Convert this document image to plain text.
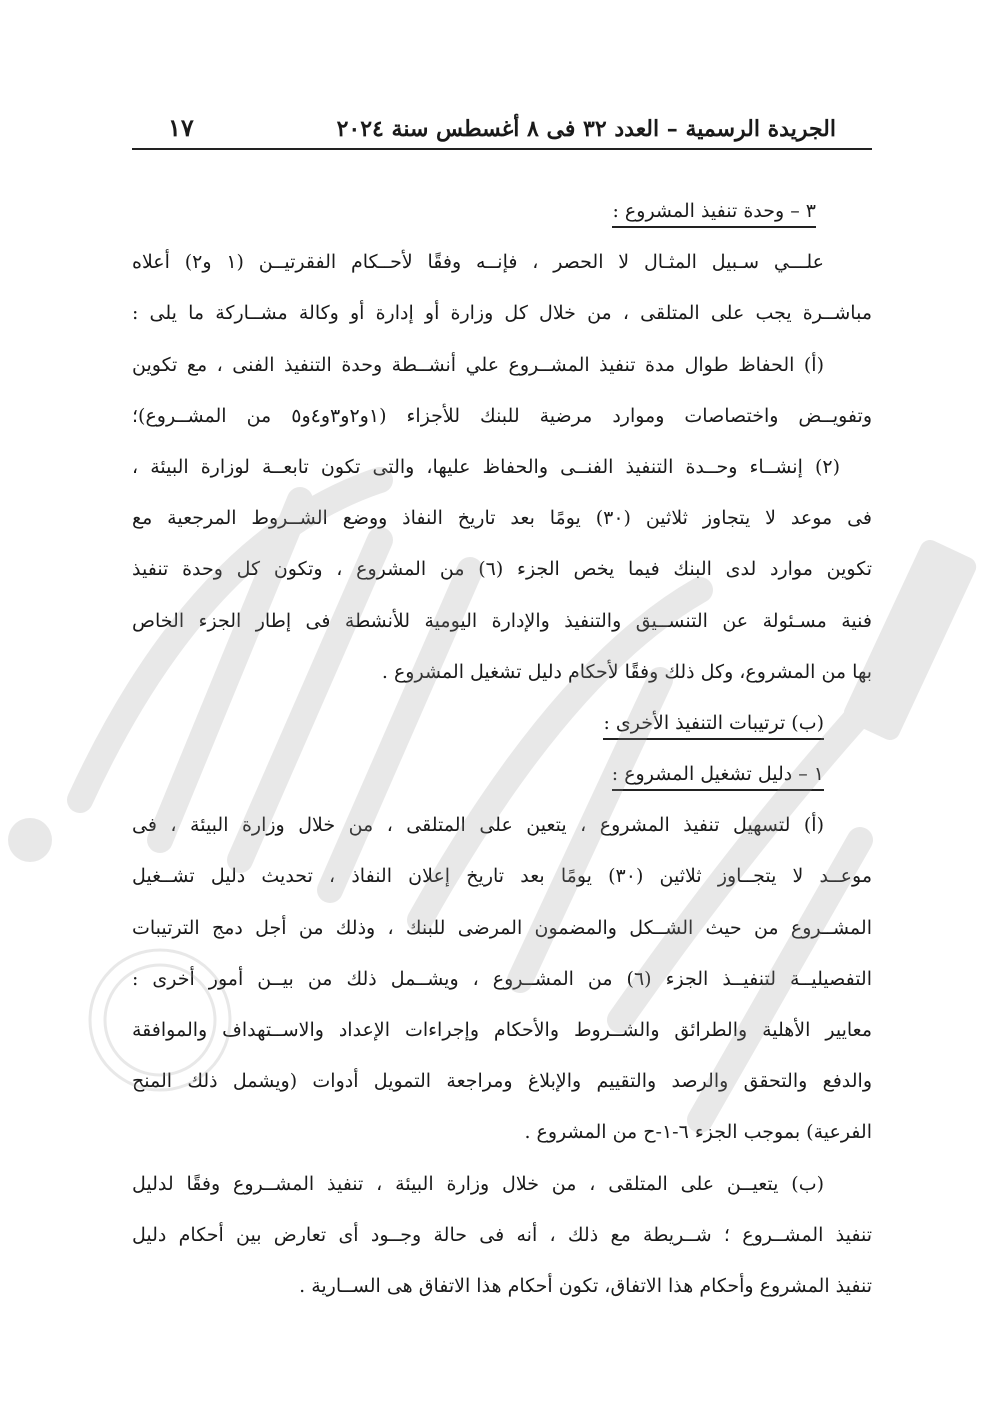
الجريدة الرسمية – العدد ٣٢ فى ٨ أغسطس سنة ٢٠٢٤
١٧
٣ – وحدة تنفيذ المشروع :
علـــي سـبيل المثـال لا الحصر ، فإنــه وفقًا لأحــكام الفقرتيــن (١ و٢) أعلاه
مباشــرة يجب على المتلقى ، من خلال كل وزارة أو إدارة أو وكالة مشــاركة ما يلى :
(أ) الحفاظ طوال مدة تنفيذ المشــروع علي أنشــطة وحدة التنفيذ الفنى ، مع تكوين
وتفويــض واختصاصات وموارد مرضية للبنك للأجزاء (١و٢و٣و٤و٥ من المشــروع)؛
(٢) إنشــاء وحــدة التنفيذ الفنــى والحفاظ عليها، والتى تكون تابعــة لوزارة البيئة ،
فى موعد لا يتجاوز ثلاثين (٣٠) يومًا بعد تاريخ النفاذ ووضع الشــروط المرجعية مع
تكوين موارد لدى البنك فيما يخص الجزء (٦) من المشروع ، وتكون كل وحدة تنفيذ
فنية مسـئولة عن التنســيق والتنفيذ والإدارة اليومية للأنشطة فى إطار الجزء الخاص
بها من المشروع، وكل ذلك وفقًا لأحكام دليل تشغيل المشروع .
(ب) ترتيبات التنفيذ الأخرى :
١ – دليل تشغيل المشروع :
(أ) لتسهيل تنفيذ المشروع ، يتعين على المتلقى ، من خلال وزارة البيئة ، فى
موعــد لا يتجــاوز ثلاثين (٣٠) يومًا بعد تاريخ إعلان النفاذ ، تحديث دليل تشــغيل
المشــروع من حيث الشــكل والمضمون المرضى للبنك ، وذلك من أجل دمج الترتيبات
التفصيليــة لتنفيــذ الجزء (٦) من المشــروع ، ويشــمل ذلك من بيــن أمور أخرى :
معايير الأهلية والطرائق والشــروط والأحكام وإجراءات الإعداد والاســتهداف والموافقة
والدفع والتحقق والرصد والتقييم والإبلاغ ومراجعة التمويل أدوات (ويشمل ذلك المنح
الفرعية) بموجب الجزء ٦-١-ح من المشروع .
(ب) يتعيــن على المتلقى ، من خلال وزارة البيئة ، تنفيذ المشــروع وفقًا لدليل
تنفيذ المشــروع ؛ شــريطة مع ذلك ، أنه فى حالة وجــود أى تعارض بين أحكام دليل
تنفيذ المشروع وأحكام هذا الاتفاق، تكون أحكام هذا الاتفاق هى الســارية .
